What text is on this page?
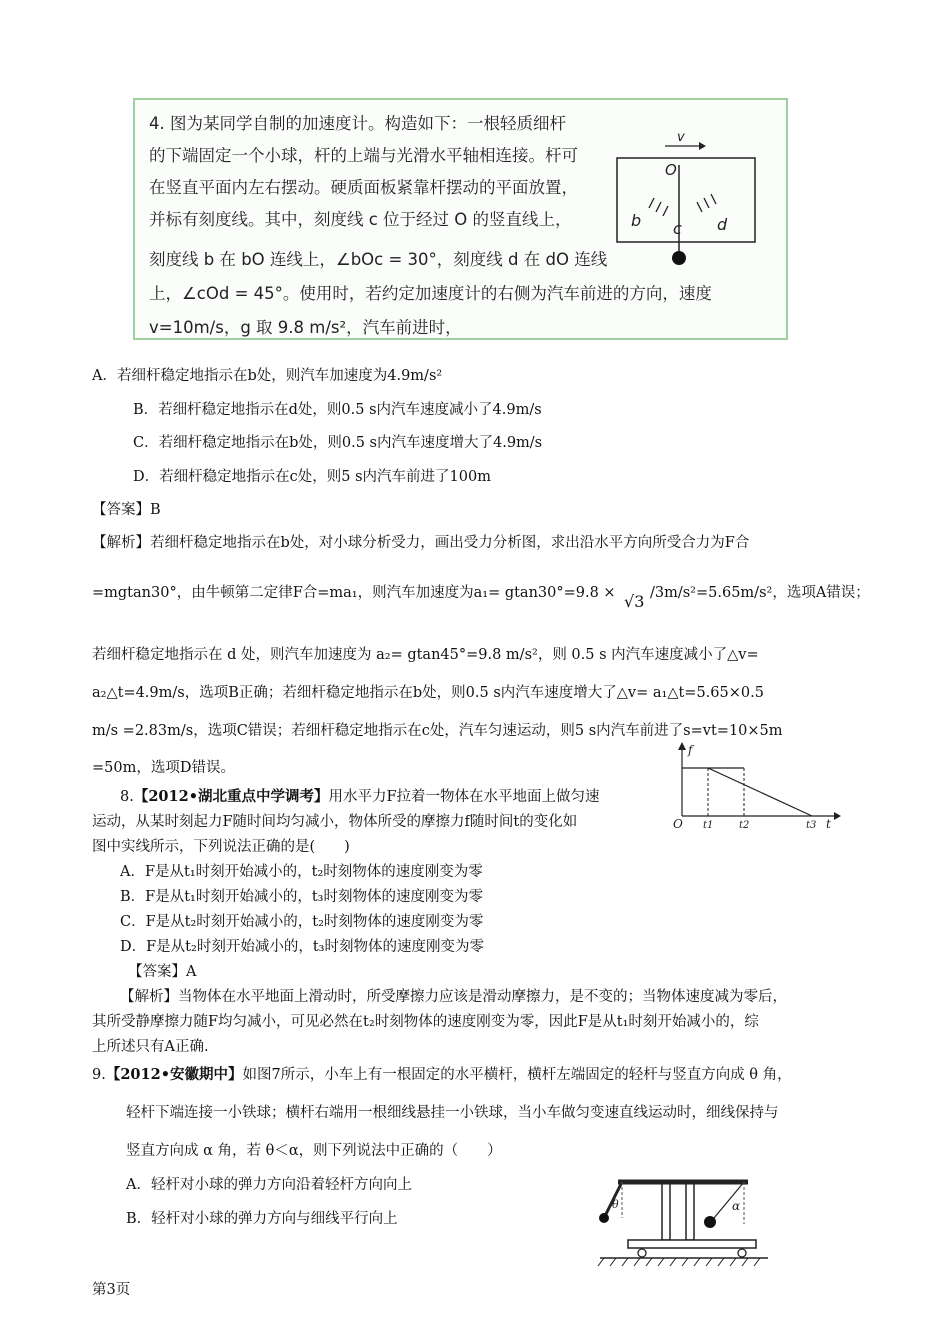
4. 图为某同学自制的加速度计。构造如下：一根轻质细杆
的下端固定一个小球，杆的上端与光滑水平轴相连接。杆可
在竖直平面内左右摆动。硬质面板紧靠杆摆动的平面放置，
并标有刻度线。其中，刻度线 c 位于经过 O 的竖直线上，
刻度线 b 在 bO 连线上，∠bOc = 30°，刻度线 d 在 dO 连线
上，∠cOd = 45°。使用时，若约定加速度计的右侧为汽车前进的方向，速度
v=10m/s，g 取 9.8 m/s²，汽车前进时，
v
O
b c d
A．若细杆稳定地指示在b处，则汽车加速度为4.9m/s²
B．若细杆稳定地指示在d处，则0.5 s内汽车速度减小了4.9m/s
C．若细杆稳定地指示在b处，则0.5 s内汽车速度增大了4.9m/s
D．若细杆稳定地指示在c处，则5 s内汽车前进了100m
【答案】B
【解析】若细杆稳定地指示在b处，对小球分析受力，画出受力分析图，求出沿水平方向所受合力为F合
=mgtan30°，由牛顿第二定律F合=ma₁，则汽车加速度为a₁= gtan30°=9.8 × √3 /3m/s²=5.65m/s²，选项A错误；
若细杆稳定地指示在 d 处，则汽车加速度为 a₂= gtan45°=9.8 m/s²，则 0.5 s 内汽车速度减小了△v=
a₂△t=4.9m/s，选项B正确；若细杆稳定地指示在b处，则0.5 s内汽车速度增大了△v= a₁△t=5.65×0.5
m/s =2.83m/s，选项C错误；若细杆稳定地指示在c处，汽车匀速运动，则5 s内汽车前进了s=vt=10×5m
=50m，选项D错误。
8.【2012•湖北重点中学调考】用水平力F拉着一物体在水平地面上做匀速
运动，从某时刻起力F随时间均匀减小，物体所受的摩擦力f随时间t的变化如
图中实线所示，下列说法正确的是(　　)
f
t
O t1	t2	t3
A．F是从t₁时刻开始减小的，t₂时刻物体的速度刚变为零
B．F是从t₁时刻开始减小的，t₃时刻物体的速度刚变为零
C．F是从t₂时刻开始减小的，t₂时刻物体的速度刚变为零
D．F是从t₂时刻开始减小的，t₃时刻物体的速度刚变为零
【答案】A
【解析】当物体在水平地面上滑动时，所受摩擦力应该是滑动摩擦力，是不变的；当物体速度减为零后，
其所受静摩擦力随F均匀减小，可见必然在t₂时刻物体的速度刚变为零，因此F是从t₁时刻开始减小的，综
上所述只有A正确.
9.【2012•安徽期中】如图7所示，小车上有一根固定的水平横杆，横杆左端固定的轻杆与竖直方向成 θ 角，
轻杆下端连接一小铁球；横杆右端用一根细线悬挂一小铁球，当小车做匀变速直线运动时，细线保持与
竖直方向成 α 角，若 θ＜α，则下列说法中正确的（　　）
A．轻杆对小球的弹力方向沿着轻杆方向向上
B．轻杆对小球的弹力方向与细线平行向上
θ	α
第3页
